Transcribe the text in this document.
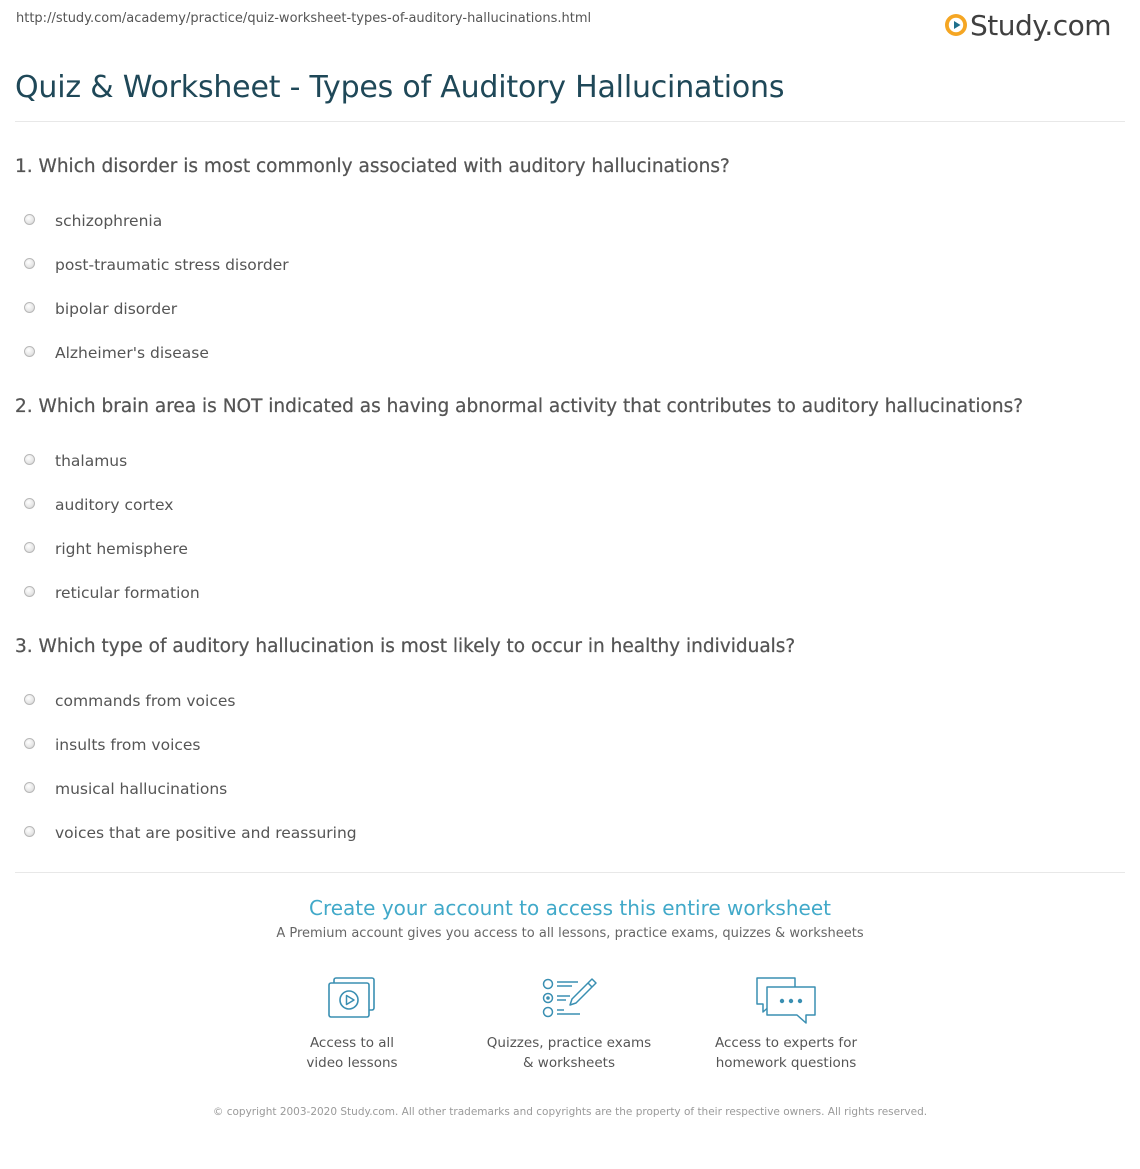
http://study.com/academy/practice/quiz-worksheet-types-of-auditory-hallucinations.html	Study.com
Quiz & Worksheet - Types of Auditory Hallucinations
1. Which disorder is most commonly associated with auditory hallucinations?
schizophrenia
post-traumatic stress disorder
bipolar disorder
Alzheimer's disease
2. Which brain area is NOT indicated as having abnormal activity that contributes to auditory hallucinations?
thalamus
auditory cortex
right hemisphere
reticular formation
3. Which type of auditory hallucination is most likely to occur in healthy individuals?
commands from voices
insults from voices
musical hallucinations
voices that are positive and reassuring
Create your account to access this entire worksheet
A Premium account gives you access to all lessons, practice exams, quizzes & worksheets
Access to all
video lessons
Quizzes, practice exams
& worksheets
Access to experts for
homework questions
© copyright 2003-2020 Study.com. All other trademarks and copyrights are the property of their respective owners. All rights reserved.
